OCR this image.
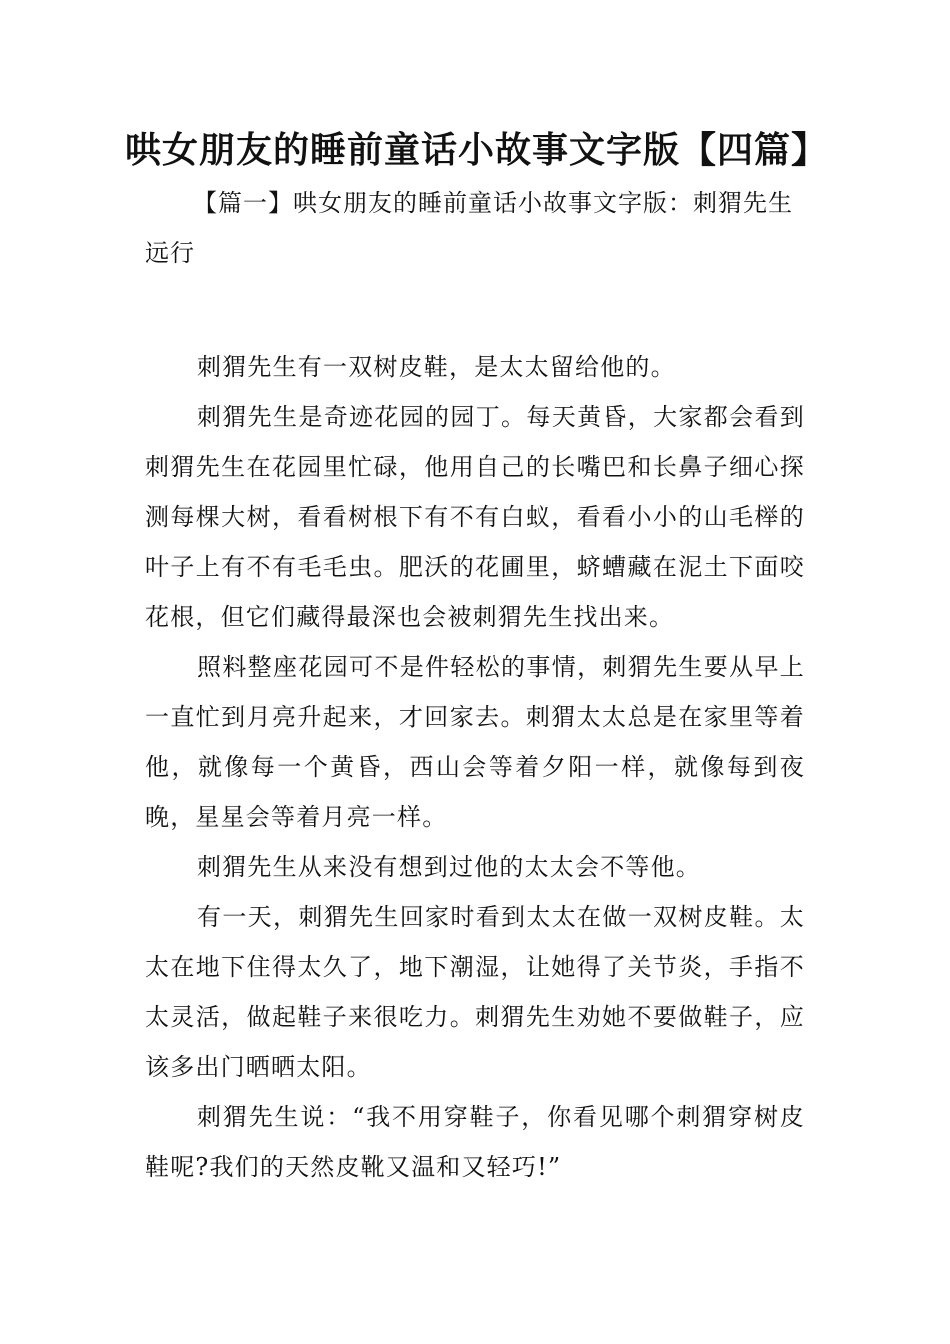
哄女朋友的睡前童话小故事文字版【四篇】

【篇一】哄女朋友的睡前童话小故事文字版：刺猬先生远行

刺猬先生有一双树皮鞋，是太太留给他的。

刺猬先生是奇迹花园的园丁。每天黄昏，大家都会看到刺猬先生在花园里忙碌，他用自己的长嘴巴和长鼻子细心探测每棵大树，看看树根下有不有白蚁，看看小小的山毛榉的叶子上有不有毛毛虫。肥沃的花圃里，蛴螬藏在泥土下面咬花根，但它们藏得最深也会被刺猬先生找出来。

照料整座花园可不是件轻松的事情，刺猬先生要从早上一直忙到月亮升起来，才回家去。刺猬太太总是在家里等着他，就像每一个黄昏，西山会等着夕阳一样，就像每到夜晚，星星会等着月亮一样。

刺猬先生从来没有想到过他的太太会不等他。

有一天，刺猬先生回家时看到太太在做一双树皮鞋。太太在地下住得太久了，地下潮湿，让她得了关节炎，手指不太灵活，做起鞋子来很吃力。刺猬先生劝她不要做鞋子，应该多出门晒晒太阳。

刺猬先生说：“我不用穿鞋子，你看见哪个刺猬穿树皮鞋呢?我们的天然皮靴又温和又轻巧!”
